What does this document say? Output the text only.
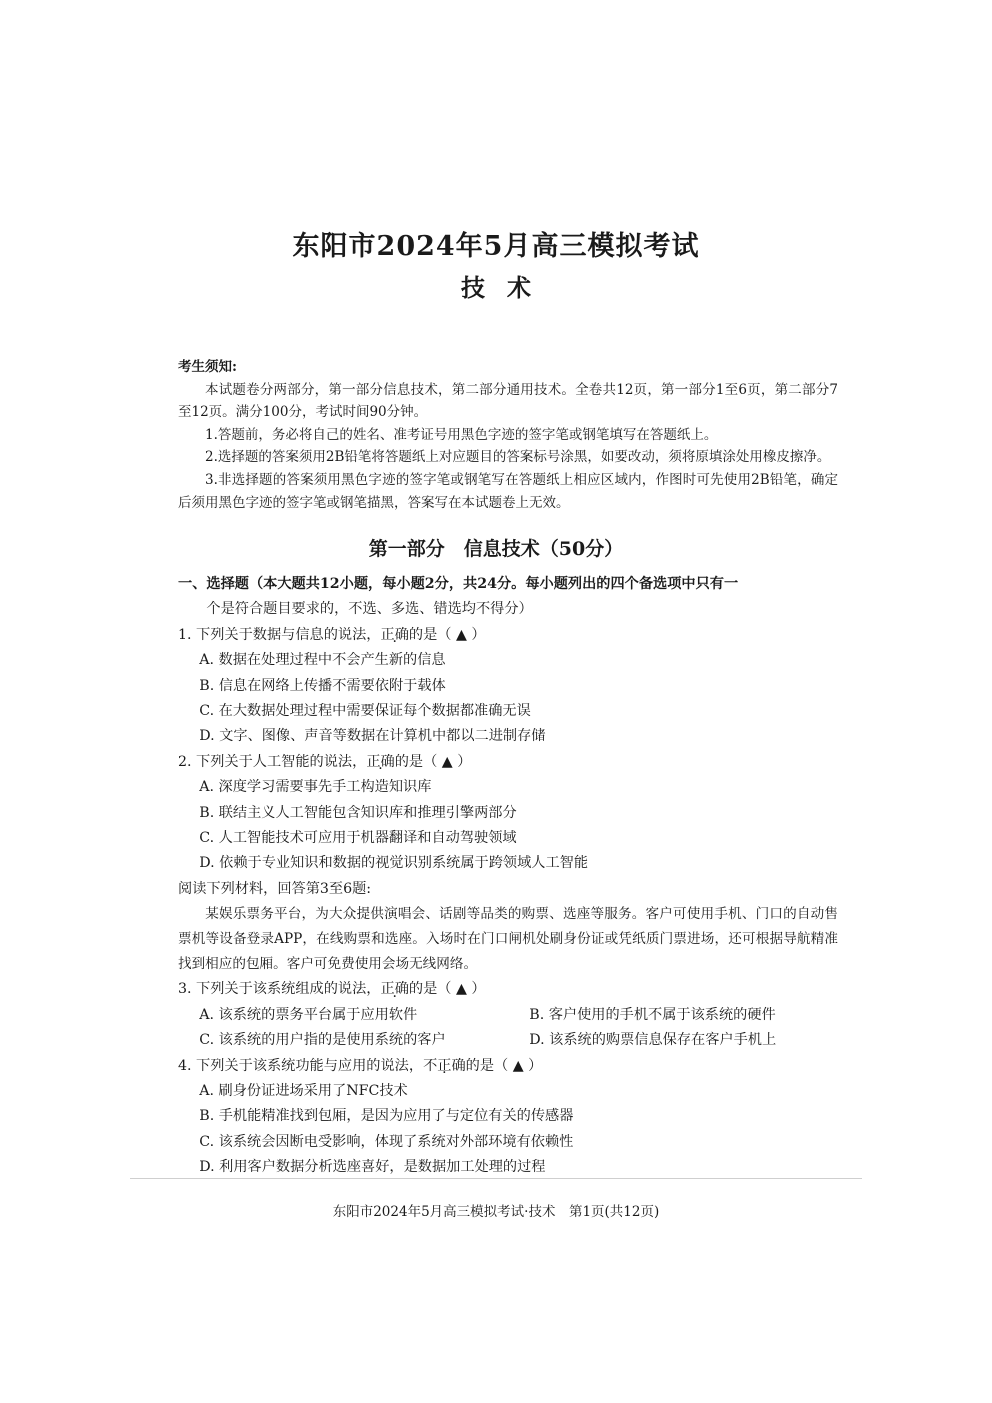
东阳市2024年5月高三模拟考试
技术
考生须知:

本试题卷分两部分，第一部分信息技术，第二部分通用技术。全卷共12页，第一部分1至6页，第二部分7至12页。满分100分，考试时间90分钟。

1.答题前，务必将自己的姓名、准考证号用黑色字迹的签字笔或钢笔填写在答题纸上。

2.选择题的答案须用2B铅笔将答题纸上对应题目的答案标号涂黑，如要改动，须将原填涂处用橡皮擦净。

3.非选择题的答案须用黑色字迹的签字笔或钢笔写在答题纸上相应区域内，作图时可先使用2B铅笔，确定后须用黑色字迹的签字笔或钢笔描黑，答案写在本试题卷上无效。

第一部分　信息技术（50分）

一、选择题（本大题共12小题，每小题2分，共24分。每小题列出的四个备选项中只有一
个是符合题目要求的，不选、多选、错选均不得分）

1. 下列关于数据与信息的说法，正确的是（ ▲ ）

A. 数据在处理过程中不会产生新的信息

B. 信息在网络上传播不需要依附于载体

C. 在大数据处理过程中需要保证每个数据都准确无误

D. 文字、图像、声音等数据在计算机中都以二进制存储

2. 下列关于人工智能的说法，正确的是（ ▲ ）

A. 深度学习需要事先手工构造知识库

B. 联结主义人工智能包含知识库和推理引擎两部分

C. 人工智能技术可应用于机器翻译和自动驾驶领域

D. 依赖于专业知识和数据的视觉识别系统属于跨领域人工智能

阅读下列材料，回答第3至6题:

某娱乐票务平台，为大众提供演唱会、话剧等品类的购票、选座等服务。客户可使用手机、门口的自动售票机等设备登录APP，在线购票和选座。入场时在门口闸机处刷身份证或凭纸质门票进场，还可根据导航精准找到相应的包厢。客户可免费使用会场无线网络。

3. 下列关于该系统组成的说法，正确的是（ ▲ ）

A. 该系统的票务平台属于应用软件	B. 客户使用的手机不属于该系统的硬件

C. 该系统的用户指的是使用系统的客户	D. 该系统的购票信息保存在客户手机上

4. 下列关于该系统功能与应用的说法，不正确的是（ ▲ ）

A. 刷身份证进场采用了NFC技术

B. 手机能精准找到包厢，是因为应用了与定位有关的传感器

C. 该系统会因断电受影响，体现了系统对外部环境有依赖性

D. 利用客户数据分析选座喜好，是数据加工处理的过程

东阳市2024年5月高三模拟考试·技术　第1页(共12页)
